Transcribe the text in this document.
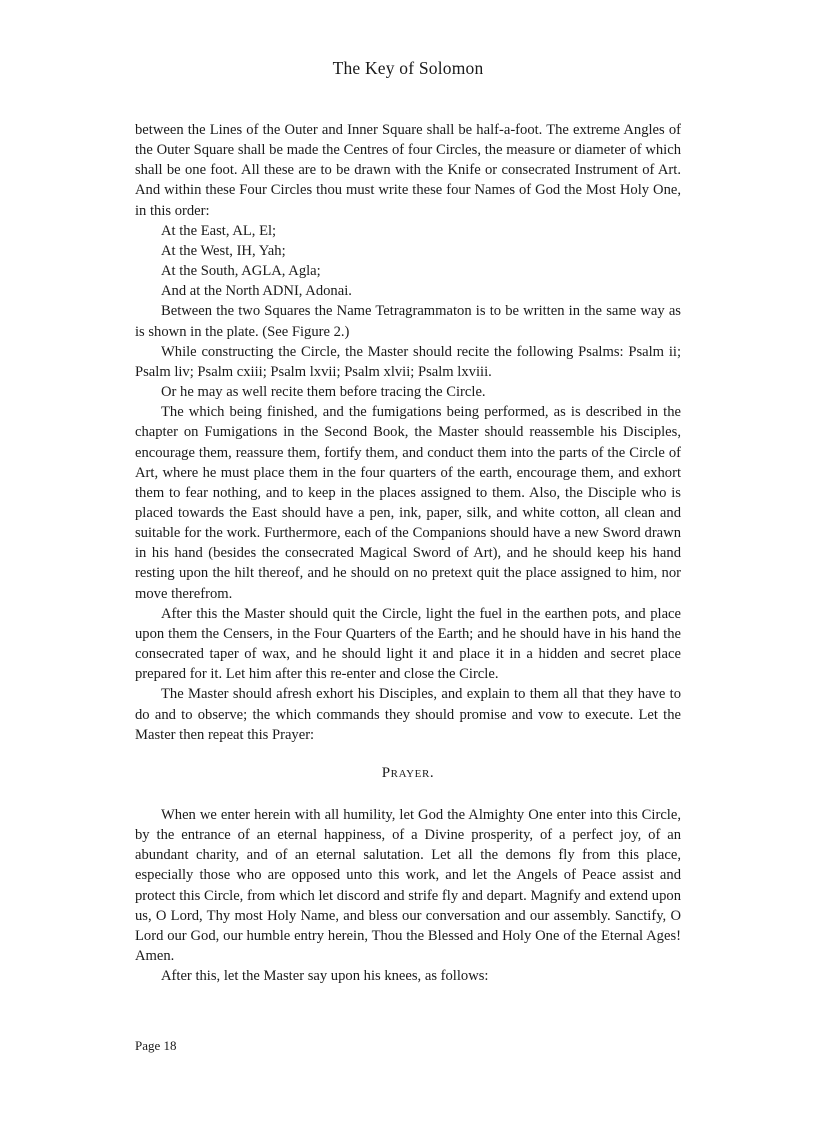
The Key of Solomon

between the Lines of the Outer and Inner Square shall be half-a-foot. The extreme Angles of the Outer Square shall be made the Centres of four Circles, the measure or diameter of which shall be one foot. All these are to be drawn with the Knife or consecrated Instrument of Art. And within these Four Circles thou must write these four Names of God the Most Holy One, in this order:

At the East, AL, El;

At the West, IH, Yah;

At the South, AGLA, Agla;

And at the North ADNI, Adonai.

Between the two Squares the Name Tetragrammaton is to be written in the same way as is shown in the plate. (See Figure 2.)

While constructing the Circle, the Master should recite the following Psalms: Psalm ii; Psalm liv; Psalm cxiii; Psalm lxvii; Psalm xlvii; Psalm lxviii.

Or he may as well recite them before tracing the Circle.

The which being finished, and the fumigations being performed, as is described in the chapter on Fumigations in the Second Book, the Master should reassemble his Disciples, encourage them, reassure them, fortify them, and conduct them into the parts of the Circle of Art, where he must place them in the four quarters of the earth, encourage them, and exhort them to fear nothing, and to keep in the places assigned to them. Also, the Disciple who is placed towards the East should have a pen, ink, paper, silk, and white cotton, all clean and suitable for the work. Furthermore, each of the Companions should have a new Sword drawn in his hand (besides the consecrated Magical Sword of Art), and he should keep his hand resting upon the hilt thereof, and he should on no pretext quit the place assigned to him, nor move therefrom.

After this the Master should quit the Circle, light the fuel in the earthen pots, and place upon them the Censers, in the Four Quarters of the Earth; and he should have in his hand the consecrated taper of wax, and he should light it and place it in a hidden and secret place prepared for it. Let him after this re-enter and close the Circle.

The Master should afresh exhort his Disciples, and explain to them all that they have to do and to observe; the which commands they should promise and vow to execute. Let the Master then repeat this Prayer:

Prayer.

When we enter herein with all humility, let God the Almighty One enter into this Circle, by the entrance of an eternal happiness, of a Divine prosperity, of a perfect joy, of an abundant charity, and of an eternal salutation. Let all the demons fly from this place, especially those who are opposed unto this work, and let the Angels of Peace assist and protect this Circle, from which let discord and strife fly and depart. Magnify and extend upon us, O Lord, Thy most Holy Name, and bless our conversation and our assembly. Sanctify, O Lord our God, our humble entry herein, Thou the Blessed and Holy One of the Eternal Ages! Amen.

After this, let the Master say upon his knees, as follows:

Page 18
